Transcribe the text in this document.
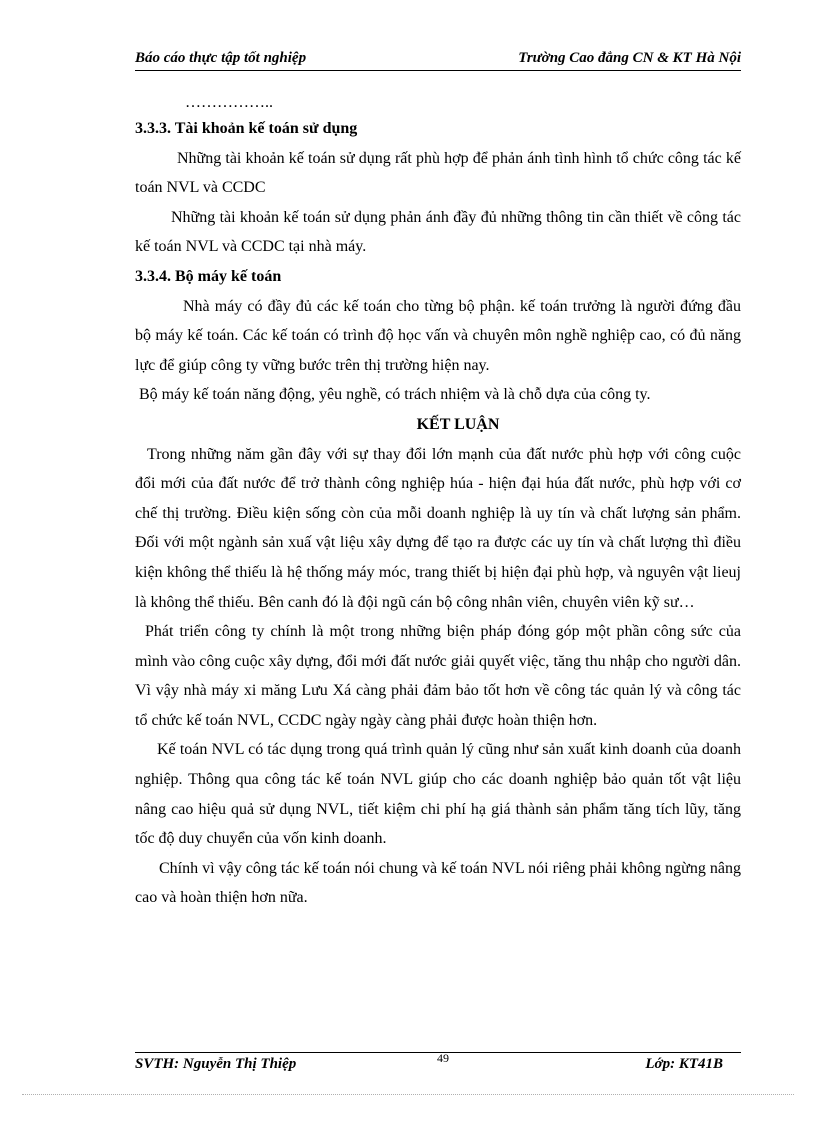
Báo cáo thực tập tốt nghiệp	Trường Cao đẳng CN & KT Hà Nội

……………..

3.3.3. Tài khoản kế toán sử dụng

Những tài khoản kế toán sử dụng rất phù hợp để phản ánh tình hình tổ chức công tác kế toán NVL và CCDC

Những tài khoản kế toán sử dụng phản ánh đầy đủ những thông tin cần thiết về công tác kế toán NVL và CCDC tại nhà máy.

3.3.4. Bộ máy kế toán

Nhà máy có đầy đủ các kế toán cho từng bộ phận. kế toán trưởng là người đứng đầu bộ máy kế toán. Các kế toán có trình độ học vấn và chuyên môn nghề nghiệp cao, có đủ năng lực để giúp công ty vững bước trên thị trường hiện nay.

Bộ máy kế toán năng động, yêu nghề, có trách nhiệm và là chỗ dựa của công ty.

KẾT LUẬN

Trong những năm gần đây với sự thay đổi lớn mạnh của đất nước phù hợp với công cuộc đổi mới của đất nước để trở thành công nghiệp húa - hiện đại húa đất nước, phù hợp với cơ chế thị trường. Điều kiện sống còn của mỗi doanh nghiệp là uy tín và chất lượng sản phẩm. Đối với một ngành sản xuấ vật liệu xây dựng để tạo ra được các uy tín và chất lượng thì điều kiện không thể thiếu là hệ thống máy móc, trang thiết bị hiện đại phù hợp, và nguyên vật lieuj là không thể thiếu. Bên canh đó là đội ngũ cán bộ công nhân viên, chuyên viên kỹ sư…

Phát triển công ty chính là một trong những biện pháp đóng góp một phần công sức của mình vào công cuộc xây dựng, đổi mới đất nước giải quyết việc, tăng thu nhập cho người dân. Vì vậy nhà máy xi măng Lưu Xá càng phải đảm bảo tốt hơn về công tác quản lý và công tác tổ chức kế toán NVL, CCDC ngày ngày càng phải được hoàn thiện hơn.

Kế toán NVL có tác dụng trong quá trình quản lý cũng như sản xuất kinh doanh của doanh nghiệp. Thông qua công tác kế toán NVL giúp cho các doanh nghiệp bảo quản tốt vật liệu nâng cao hiệu quả sử dụng NVL, tiết kiệm chi phí hạ giá thành sản phẩm tăng tích lũy, tăng tốc độ duy chuyển của vốn kinh doanh.

Chính vì vậy công tác kế toán nói chung và kế toán NVL nói riêng phải không ngừng nâng cao và hoàn thiện hơn nữa.

SVTH: Nguyễn Thị Thiệp	49	Lớp: KT41B
